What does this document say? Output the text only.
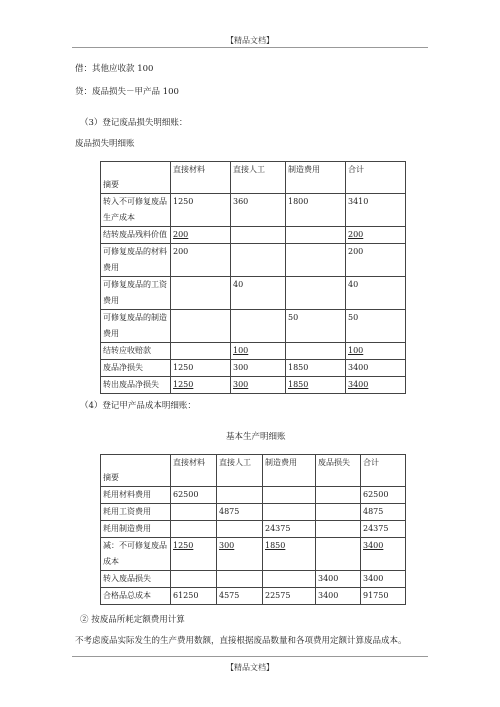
【精品文档】
借：其他应收款 100
贷：废品损失－甲产品 100
（3）登记废品损失明细账：
废品损失明细账
摘要	直接材料	直接人工	制造费用	合计
转入不可修复废品生产成本	1250	360	1800	3410
结转废品残料价值	200			200
可修复废品的材料费用	200			200
可修复废品的工资费用		40		40
可修复废品的制造费用			50	50
结转应收赔款		100		100
废品净损失	1250	300	1850	3400
转出废品净损失	1250	300	1850	3400
（4）登记甲产品成本明细账：
基本生产明细账
摘要	直接材料	直接人工	制造费用	废品损失	合计
耗用材料费用	62500				62500
耗用工资费用		4875			4875
耗用制造费用			24375		24375
减：不可修复废品成本	1250	300	1850		3400
转入废品损失				3400	3400
合格品总成本	61250	4575	22575	3400	91750
② 按废品所耗定额费用计算
不考虑废品实际发生的生产费用数额，直接根据废品数量和各项费用定额计算废品成本。
【精品文档】
